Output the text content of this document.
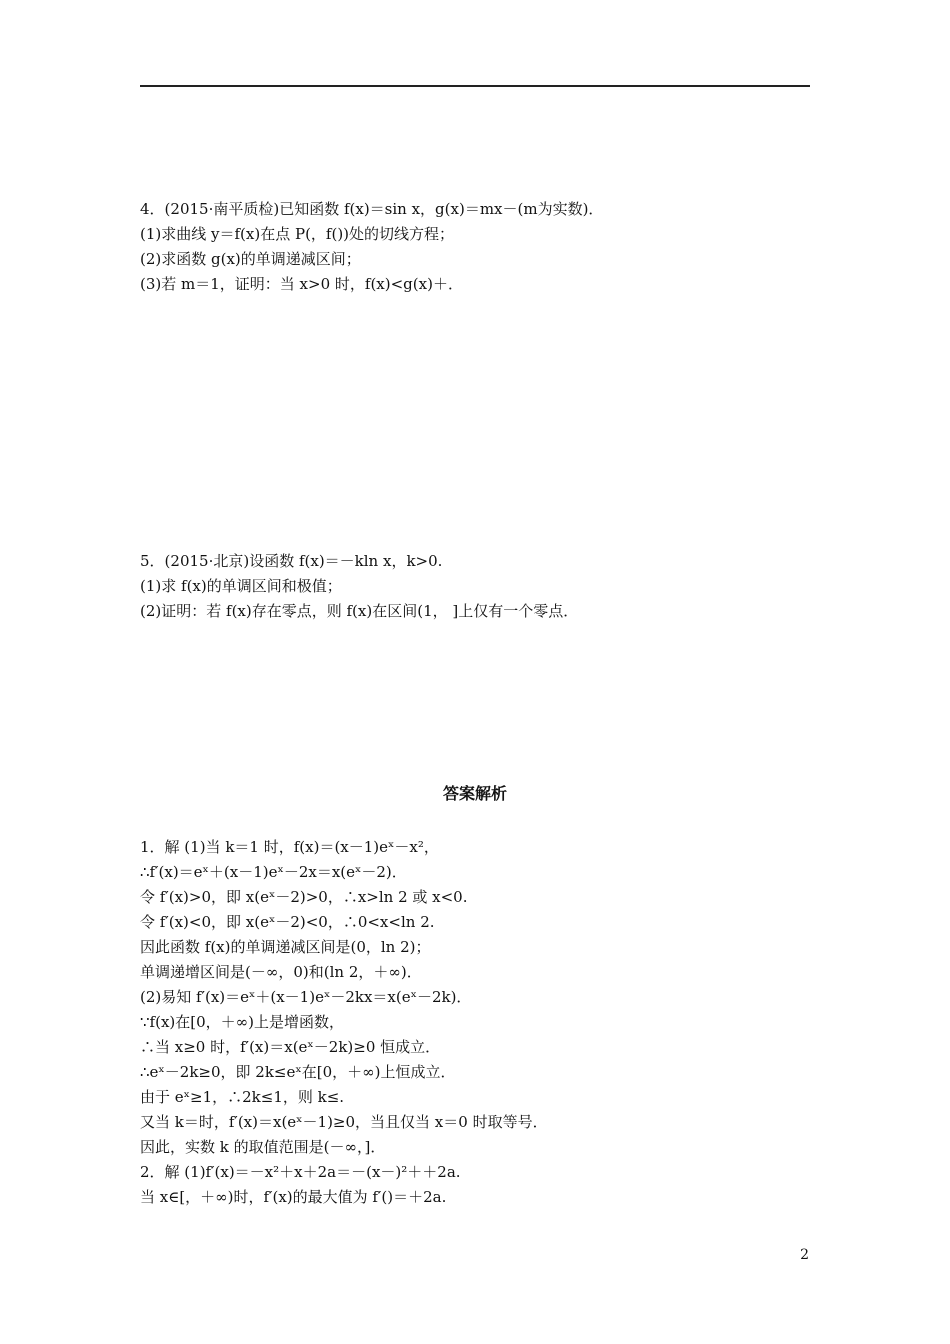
4．(2015·南平质检)已知函数 f(x)＝sin x，g(x)＝mx－(m为实数)．
(1)求曲线 y＝f(x)在点 P(，f())处的切线方程；
(2)求函数 g(x)的单调递减区间；
(3)若 m＝1，证明：当 x>0 时，f(x)<g(x)＋．
5．(2015·北京)设函数 f(x)＝－kln x，k>0.
(1)求 f(x)的单调区间和极值；
(2)证明：若 f(x)存在零点，则 f(x)在区间(1， ]上仅有一个零点．
答案解析
1．解 (1)当 k＝1 时，f(x)＝(x－1)eˣ－x²，
∴f′(x)＝eˣ＋(x－1)eˣ－2x＝x(eˣ－2)．
令 f′(x)>0，即 x(eˣ－2)>0，∴x>ln 2 或 x<0.
令 f′(x)<0，即 x(eˣ－2)<0，∴0<x<ln 2.
因此函数 f(x)的单调递减区间是(0，ln 2)；
单调递增区间是(－∞，0)和(ln 2，＋∞)．
(2)易知 f′(x)＝eˣ＋(x－1)eˣ－2kx＝x(eˣ－2k)．
∵f(x)在[0，＋∞)上是增函数，
∴当 x≥0 时，f′(x)＝x(eˣ－2k)≥0 恒成立．
∴eˣ－2k≥0，即 2k≤eˣ在[0，＋∞)上恒成立．
由于 eˣ≥1，∴2k≤1，则 k≤.
又当 k＝时，f′(x)＝x(eˣ－1)≥0，当且仅当 x＝0 时取等号．
因此，实数 k 的取值范围是(－∞，]．
2．解 (1)f′(x)＝－x²＋x＋2a＝－(x－)²＋＋2a.
当 x∈[，＋∞)时，f′(x)的最大值为 f′()＝＋2a.
2
